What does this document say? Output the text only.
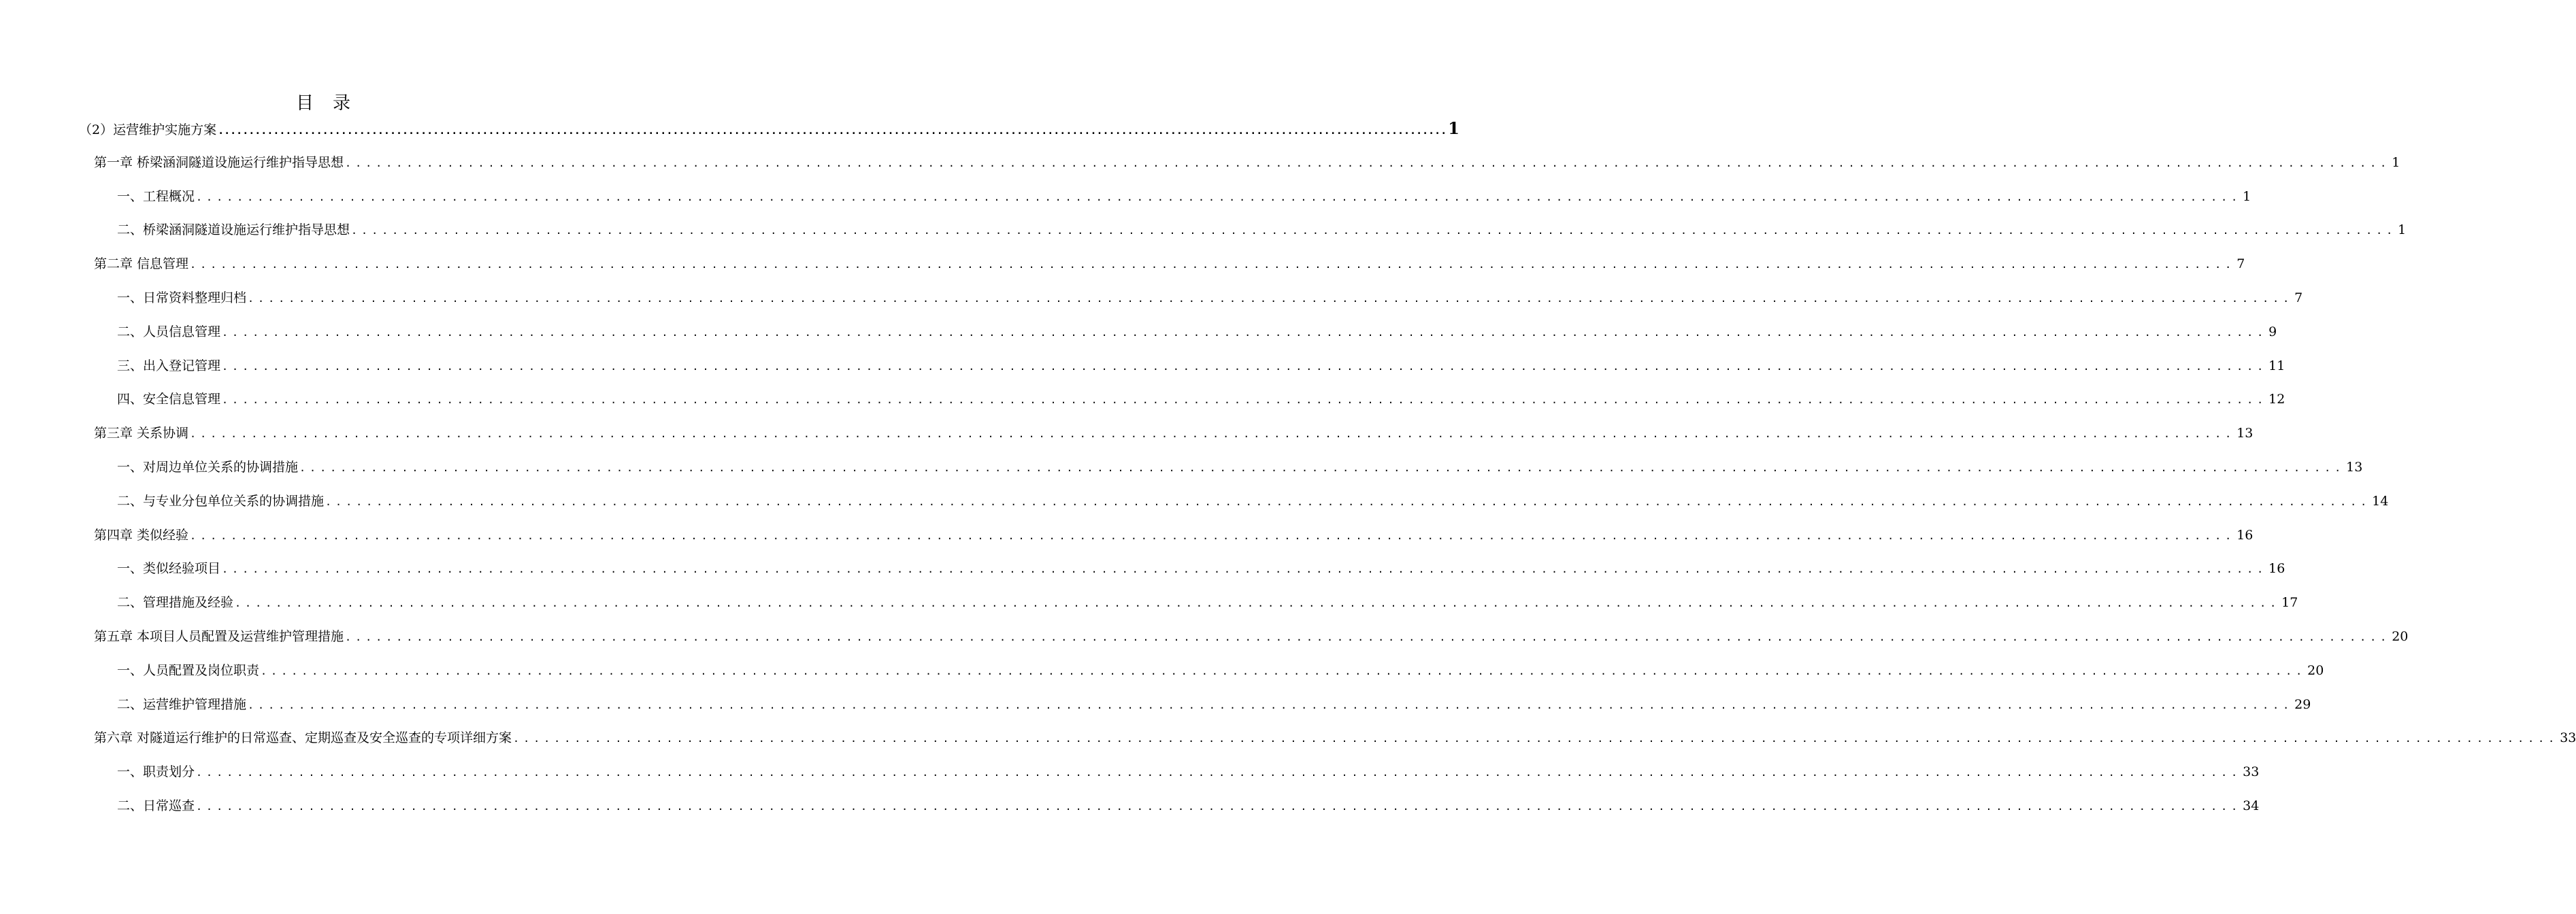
目录
（2）运营维护实施方案 ........................................................................................................................................................................................................ 1
第一章 桥梁涵洞隧道设施运行维护指导思想 ........................................................................................................................................................................................................ 1
一、工程概况 ........................................................................................................................................................................................................ 1
二、桥梁涵洞隧道设施运行维护指导思想 ........................................................................................................................................................................................................ 1
第二章 信息管理 ........................................................................................................................................................................................................ 7
一、日常资料整理归档 ........................................................................................................................................................................................................ 7
二、人员信息管理 ........................................................................................................................................................................................................ 9
三、出入登记管理 ........................................................................................................................................................................................................ 11
四、安全信息管理 ........................................................................................................................................................................................................ 12
第三章 关系协调 ........................................................................................................................................................................................................ 13
一、对周边单位关系的协调措施 ........................................................................................................................................................................................................ 13
二、与专业分包单位关系的协调措施 ........................................................................................................................................................................................................ 14
第四章 类似经验 ........................................................................................................................................................................................................ 16
一、类似经验项目 ........................................................................................................................................................................................................ 16
二、管理措施及经验 ........................................................................................................................................................................................................ 17
第五章 本项目人员配置及运营维护管理措施 ........................................................................................................................................................................................................ 20
一、人员配置及岗位职责 ........................................................................................................................................................................................................ 20
二、运营维护管理措施 ........................................................................................................................................................................................................ 29
第六章 对隧道运行维护的日常巡查、定期巡查及安全巡查的专项详细方案 ........................................................................................................................................................................................................ 33
一、职责划分 ........................................................................................................................................................................................................ 33
二、日常巡查 ........................................................................................................................................................................................................ 34
